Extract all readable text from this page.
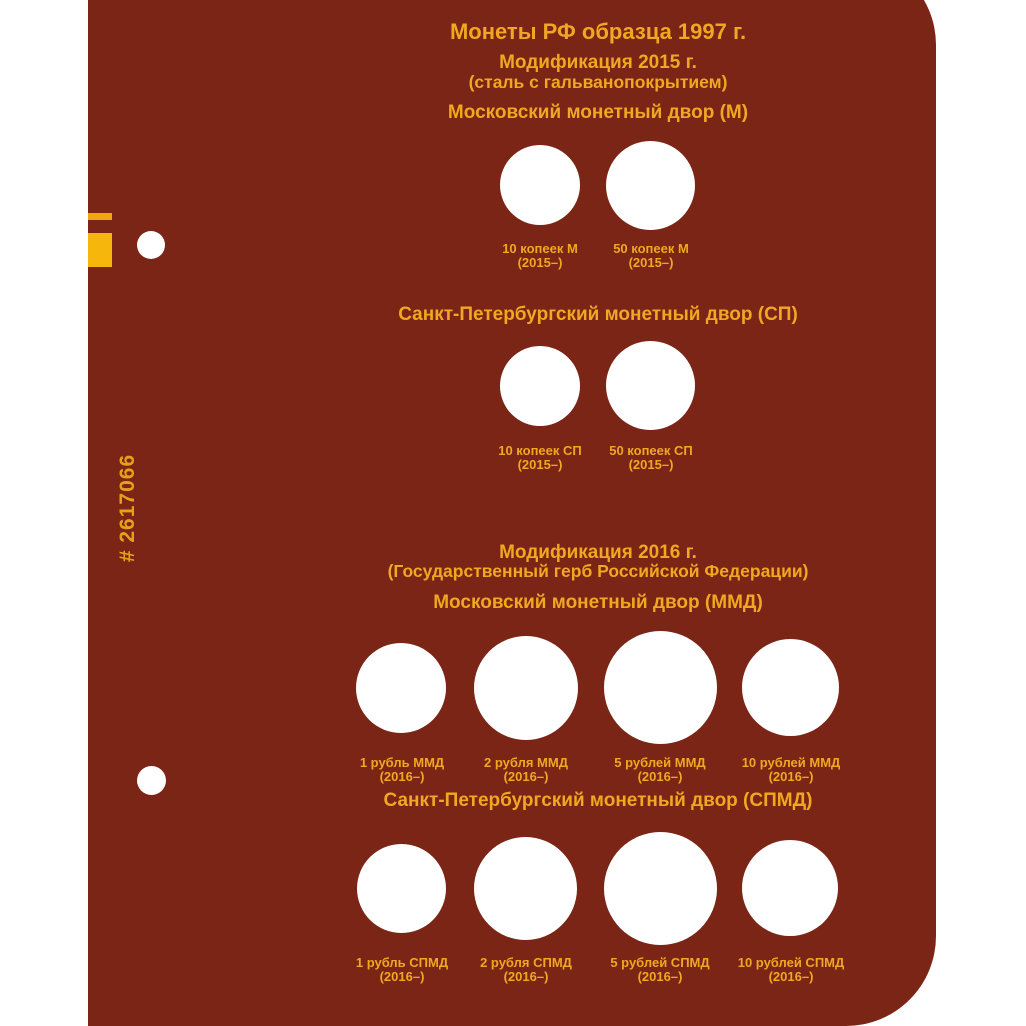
# 2617066
Монеты РФ образца 1997 г.
Модификация 2015 г.
(сталь с гальванопокрытием)
Московский монетный двор (М)
10 копеек М
(2015–)
50 копеек М
(2015–)
Санкт-Петербургский монетный двор (СП)
10 копеек СП
(2015–)
50 копеек СП
(2015–)
Модификация 2016 г.
(Государственный герб Российской Федерации)
Московский монетный двор (ММД)
1 рубль ММД
(2016–)
2 рубля ММД
(2016–)
5 рублей ММД
(2016–)
10 рублей ММД
(2016–)
Санкт-Петербургский монетный двор (СПМД)
1 рубль СПМД
(2016–)
2 рубля СПМД
(2016–)
5 рублей СПМД
(2016–)
10 рублей СПМД
(2016–)
